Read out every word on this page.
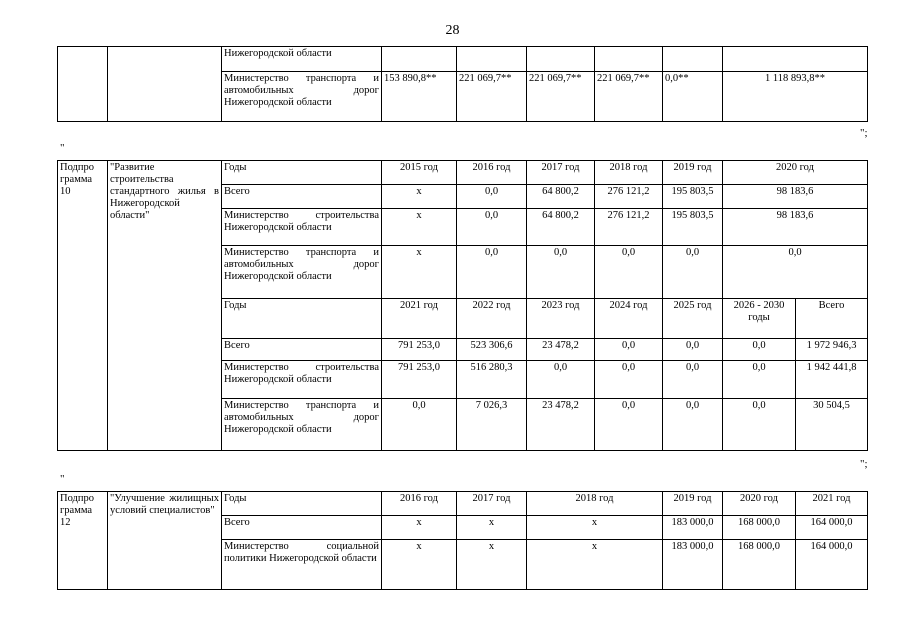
28
		Нижегородской области						
		Министерство транспорта и автомобильных дорог Нижегородской области	153 890,8**	221 069,7**	221 069,7**	221 069,7**	0,0**	1 118 893,8**
";
"
Подпро грамма 10	"Развитие строительства стандартного жилья в Нижегородской области"	Годы	2015 год	2016 год	2017 год	2018 год	2019 год	2020 год	
		Всего	х	0,0	64 800,2	276 121,2	195 803,5	98 183,6	
		Министерство строительства Нижегородской области	х	0,0	64 800,2	276 121,2	195 803,5	98 183,6	
		Министерство транспорта и автомобильных дорог Нижегородской области	х	0,0	0,0	0,0	0,0	0,0	
		Годы	2021 год	2022 год	2023 год	2024 год	2025 год	2026 - 2030 годы	Всего
		Всего	791 253,0	523 306,6	23 478,2	0,0	0,0	0,0	1 972 946,3
		Министерство строительства Нижегородской области	791 253,0	516 280,3	0,0	0,0	0,0	0,0	1 942 441,8
		Министерство транспорта и автомобильных дорог Нижегородской области	0,0	7 026,3	23 478,2	0,0	0,0	0,0	30 504,5
";
"
Подпро грамма 12	"Улучшение жилищных условий специалистов"	Годы	2016 год	2017 год	2018 год	2019 год	2020 год	2021 год
		Всего	х	х	х	183 000,0	168 000,0	164 000,0
		Министерство социальной политики Нижегородской области	х	х	х	183 000,0	168 000,0	164 000,0
